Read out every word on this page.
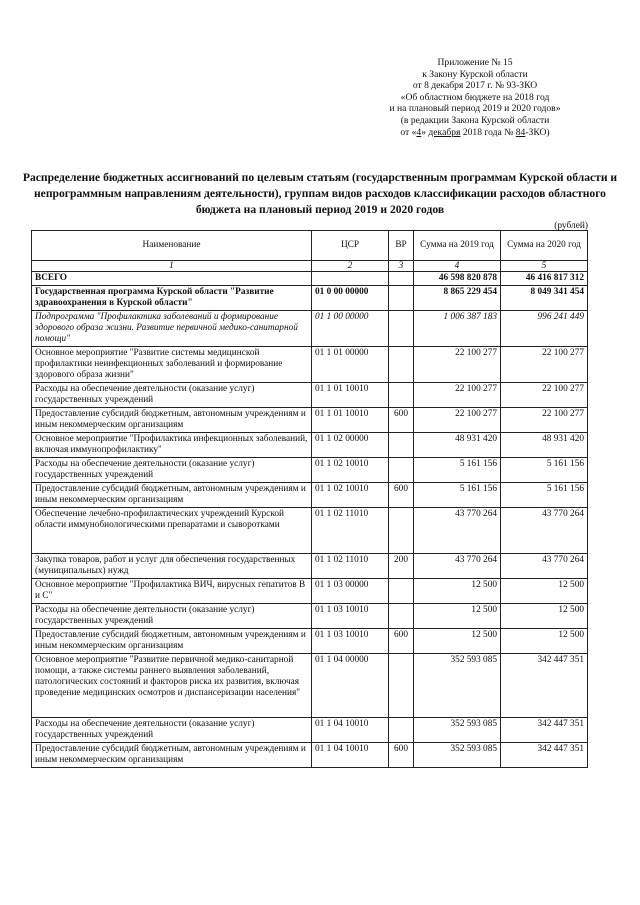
Приложение № 15
к Закону Курской области
от 8 декабря 2017 г. № 93-ЗКО
«Об областном бюджете на 2018 год
и на плановый период 2019 и 2020 годов»
(в редакции Закона Курской области
от «4» декабря 2018 года № 84-ЗКО)
Распределение бюджетных ассигнований по целевым статьям (государственным программам Курской области и непрограммным направлениям деятельности), группам видов расходов классификации расходов областного бюджета на плановый период 2019 и 2020 годов
(рублей)
Наименование	ЦСР	ВР	Сумма на 2019 год	Сумма на 2020 год
1	2	3	4	5
ВСЕГО			46 598 820 878	46 416 817 312
Государственная программа Курской области "Развитие здравоохранения в Курской области"	01 0 00 00000		8 865 229 454	8 049 341 454
Подпрограмма "Профилактика заболеваний и формирование здорового образа жизни. Развитие первичной медико-санитарной помощи"	01 1 00 00000		1 006 387 183	996 241 449
Основное мероприятие "Развитие системы медицинской профилактики неинфекционных заболеваний и формирование здорового образа жизни"	01 1 01 00000		22 100 277	22 100 277
Расходы на обеспечение деятельности (оказание услуг) государственных учреждений	01 1 01 10010		22 100 277	22 100 277
Предоставление субсидий бюджетным, автономным учреждениям и иным некоммерческим организациям	01 1 01 10010	600	22 100 277	22 100 277
Основное мероприятие "Профилактика инфекционных заболеваний, включая иммунопрофилактику"	01 1 02 00000		48 931 420	48 931 420
Расходы на обеспечение деятельности (оказание услуг) государственных учреждений	01 1 02 10010		5 161 156	5 161 156
Предоставление субсидий бюджетным, автономным учреждениям и иным некоммерческим организациям	01 1 02 10010	600	5 161 156	5 161 156
Обеспечение лечебно-профилактических учреждений Курской области иммунобиологическими препаратами и сыворотками	01 1 02 11010		43 770 264	43 770 264
Закупка товаров, работ и услуг для обеспечения государственных (муниципальных) нужд	01 1 02 11010	200	43 770 264	43 770 264
Основное мероприятие "Профилактика ВИЧ, вирусных гепатитов В и С"	01 1 03 00000		12 500	12 500
Расходы на обеспечение деятельности (оказание услуг) государственных учреждений	01 1 03 10010		12 500	12 500
Предоставление субсидий бюджетным, автономным учреждениям и иным некоммерческим организациям	01 1 03 10010	600	12 500	12 500
Основное мероприятие "Развитие первичной медико-санитарной помощи, а также системы раннего выявления заболеваний, патологических состояний и факторов риска их развития, включая проведение медицинских осмотров и диспансеризации населения"	01 1 04 00000		352 593 085	342 447 351
Расходы на обеспечение деятельности (оказание услуг) государственных учреждений	01 1 04 10010		352 593 085	342 447 351
Предоставление субсидий бюджетным, автономным учреждениям и иным некоммерческим организациям	01 1 04 10010	600	352 593 085	342 447 351
